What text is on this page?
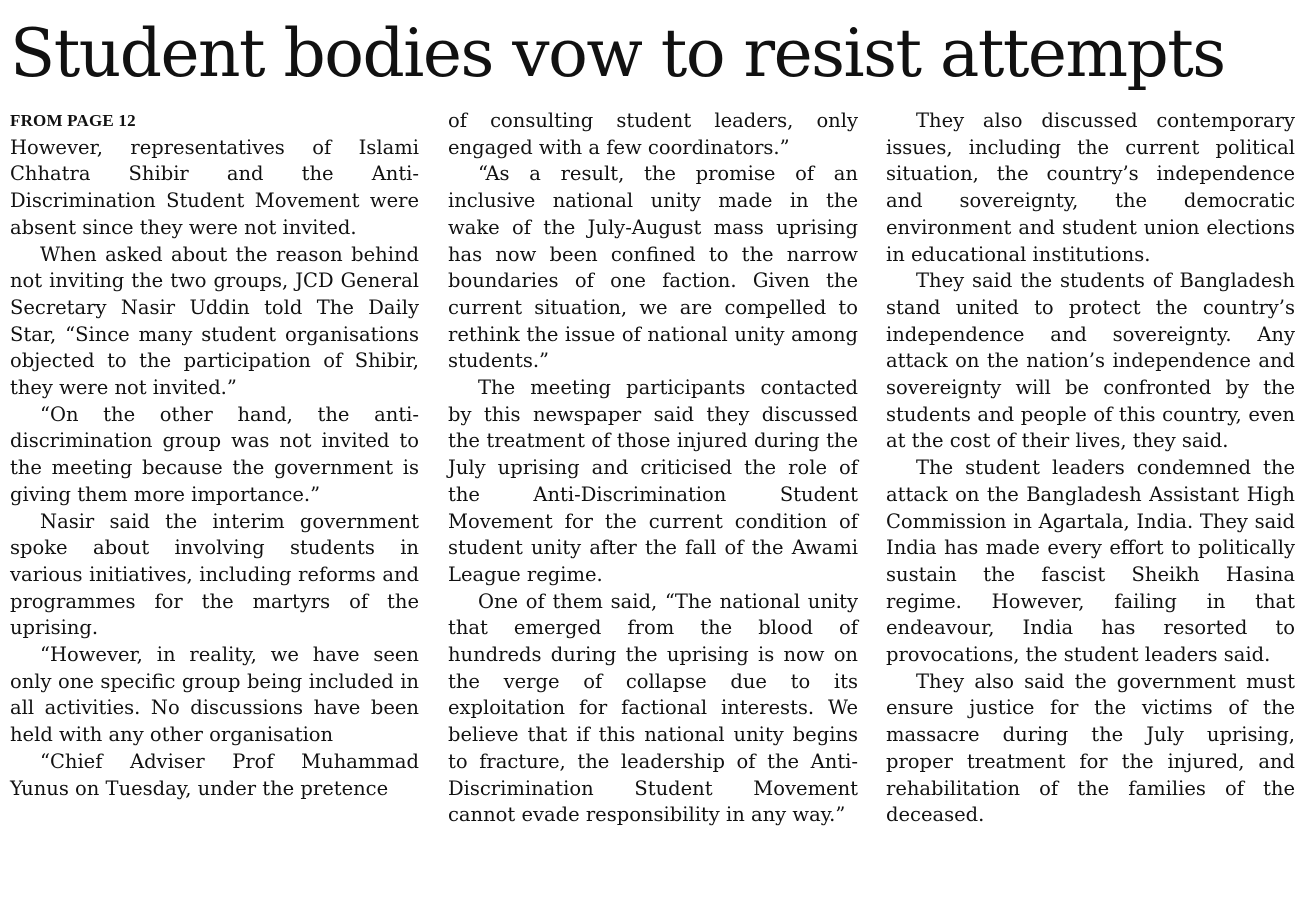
Student bodies vow to resist attempts
FROM PAGE 12

However, representatives of Islami Chhatra Shibir and the Anti-Discrimination Student Movement were absent since they were not invited.

When asked about the reason behind not inviting the two groups, JCD General Secretary Nasir Uddin told The Daily Star, “Since many student organisations objected to the participation of Shibir, they were not invited.”

“On the other hand, the anti-discrimination group was not invited to the meeting because the government is giving them more importance.”

Nasir said the interim government spoke about involving students in various initiatives, including reforms and programmes for the martyrs of the uprising.

“However, in reality, we have seen only one specific group being included in all activities. No discussions have been held with any other organisation

“Chief Adviser Prof Muhammad Yunus on Tuesday, under the pretence

of consulting student leaders, only engaged with a few coordinators.”

“As a result, the promise of an inclusive national unity made in the wake of the July-August mass uprising has now been confined to the narrow boundaries of one faction. Given the current situation, we are compelled to rethink the issue of national unity among students.”

The meeting participants contacted by this newspaper said they discussed the treatment of those injured during the July uprising and criticised the role of the Anti-Discrimination Student Movement for the current condition of student unity after the fall of the Awami League regime.

One of them said, “The national unity that emerged from the blood of hundreds during the uprising is now on the verge of collapse due to its exploitation for factional interests. We believe that if this national unity begins to fracture, the leadership of the Anti-Discrimination Student Movement cannot evade responsibility in any way.”

They also discussed contemporary issues, including the current political situation, the country’s independence and sovereignty, the democratic environment and student union elections in educational institutions.

They said the students of Bangladesh stand united to protect the country’s independence and sovereignty. Any attack on the nation’s independence and sovereignty will be confronted by the students and people of this country, even at the cost of their lives, they said.

The student leaders condemned the attack on the Bangladesh Assistant High Commission in Agartala, India. They said India has made every effort to politically sustain the fascist Sheikh Hasina regime. However, failing in that endeavour, India has resorted to provocations, the student leaders said.

They also said the government must ensure justice for the victims of the massacre during the July uprising, proper treatment for the injured, and rehabilitation of the families of the deceased.
